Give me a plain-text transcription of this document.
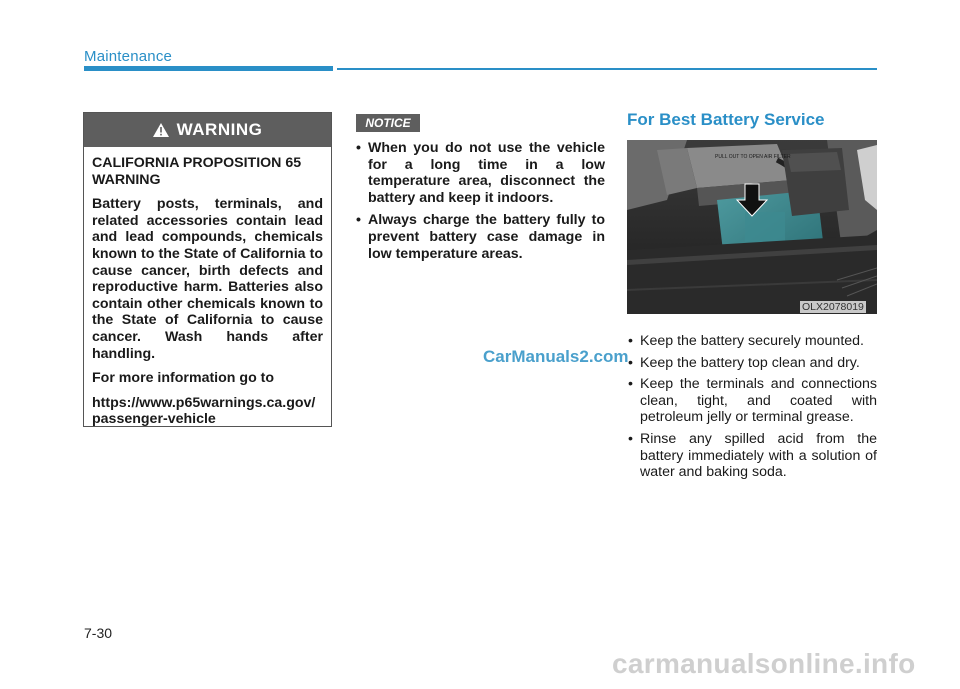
Maintenance
WARNING

CALIFORNIA PROPOSITION 65 WARNING

Battery posts, terminals, and related accessories contain lead and lead compounds, chemicals known to the State of California to cause cancer, birth defects and reproductive harm. Batteries also contain other chemicals known to the State of California to cause cancer. Wash hands after handling.

For more information go to

https://www.p65warnings.ca.gov/passenger-vehicle

NOTICE
• When you do not use the vehicle for a long time in a low temperature area, disconnect the battery and keep it indoors.
• Always charge the battery fully to prevent battery case damage in low temperature areas.
CarManuals2.com
For Best Battery Service
PULL OUT TO OPEN AIR FILTER
OLX2078019
• Keep the battery securely mounted.
• Keep the battery top clean and dry.
• Keep the terminals and connections clean, tight, and coated with petroleum jelly or terminal grease.
• Rinse any spilled acid from the battery immediately with a solution of water and baking soda.
7-30
carmanualsonline.info
